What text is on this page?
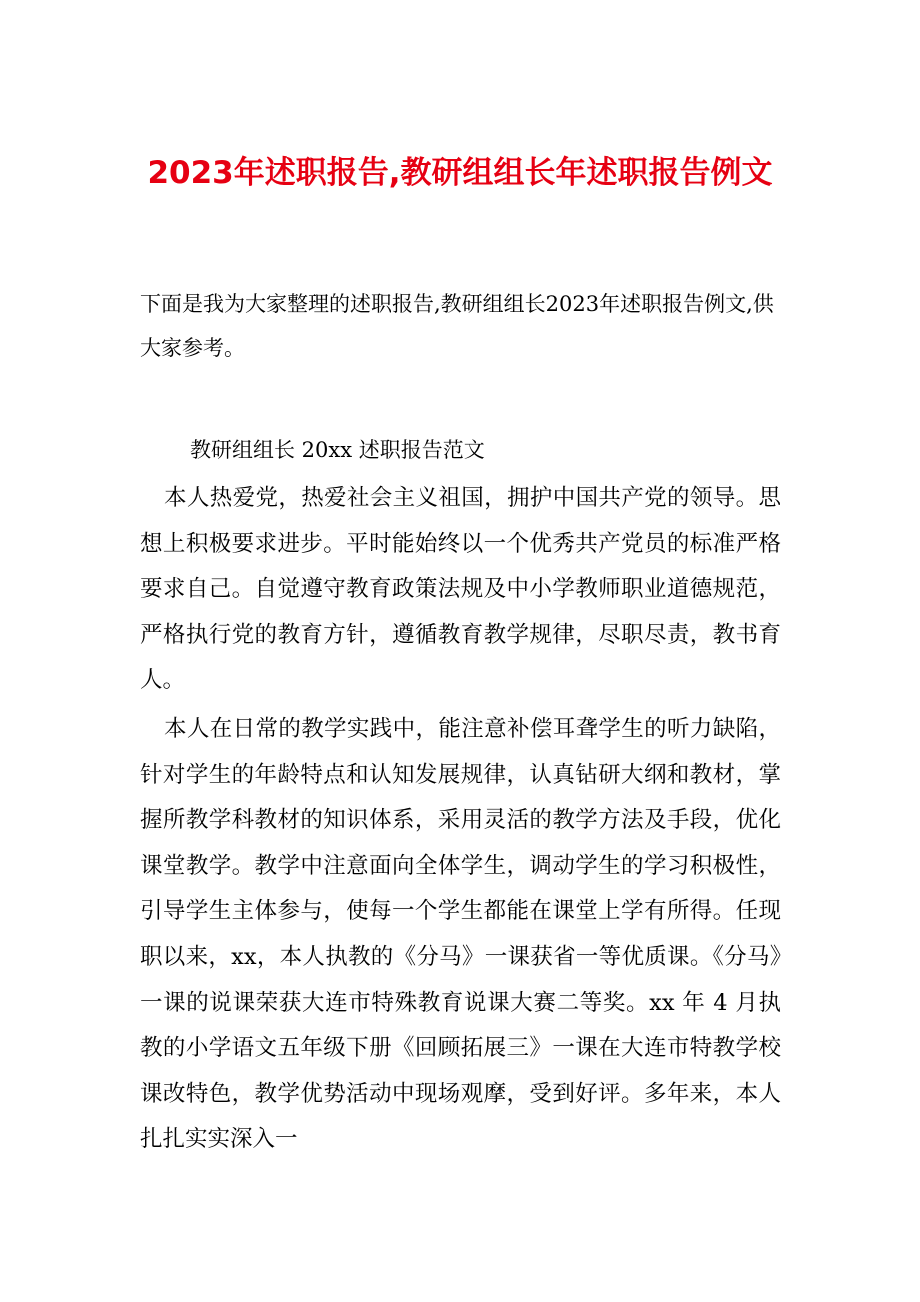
2023年述职报告,教研组组长年述职报告例文
下面是我为大家整理的述职报告,教研组组长2023年述职报告例文,供大家参考。
教研组组长 20xx 述职报告范文

本人热爱党，热爱社会主义祖国，拥护中国共产党的领导。思想上积极要求进步。平时能始终以一个优秀共产党员的标准严格要求自己。自觉遵守教育政策法规及中小学教师职业道德规范，严格执行党的教育方针，遵循教育教学规律，尽职尽责，教书育人。

本人在日常的教学实践中，能注意补偿耳聋学生的听力缺陷，针对学生的年龄特点和认知发展规律，认真钻研大纲和教材，掌握所教学科教材的知识体系，采用灵活的教学方法及手段，优化课堂教学。教学中注意面向全体学生，调动学生的学习积极性，引导学生主体参与，使每一个学生都能在课堂上学有所得。任现职以来，xx，本人执教的《分马》一课获省一等优质课。《分马》一课的说课荣获大连市特殊教育说课大赛二等奖。xx 年 4 月执教的小学语文五年级下册《回顾拓展三》一课在大连市特教学校课改特色，教学优势活动中现场观摩，受到好评。多年来，本人扎扎实实深入一
